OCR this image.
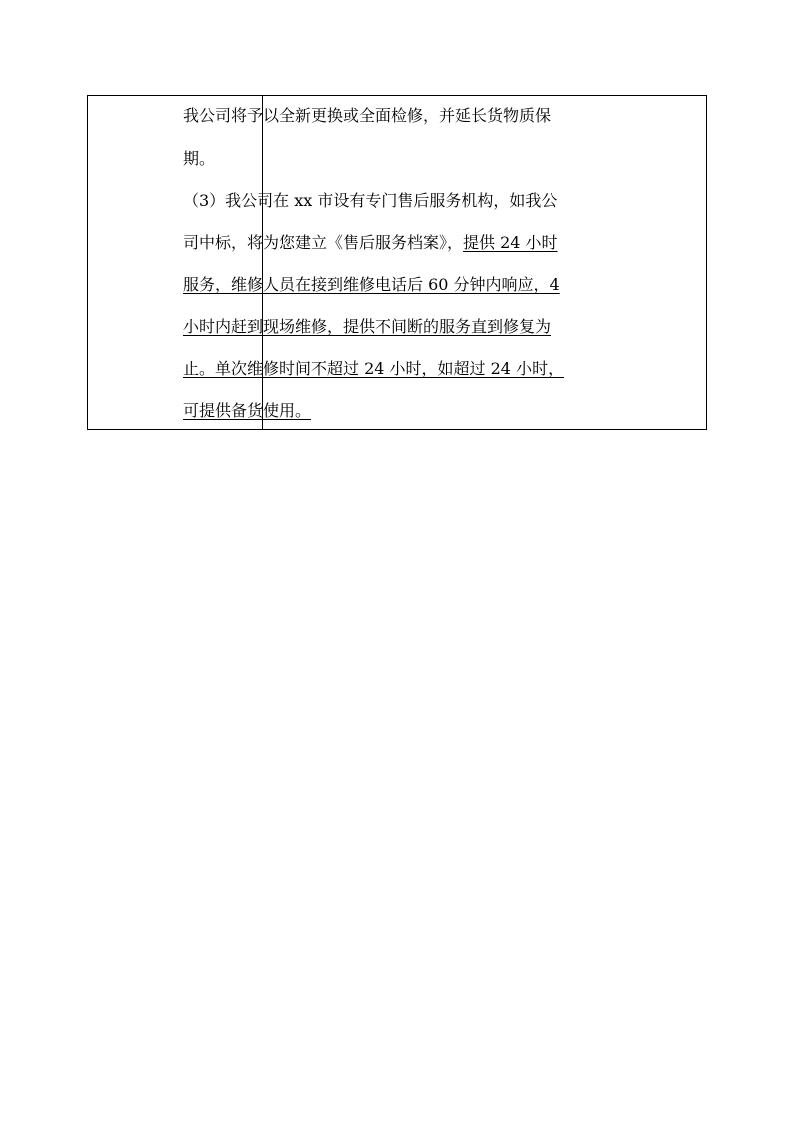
我公司将予以全新更换或全面检修，并延长货物质保
期。
（3）我公司在 xx 市设有专门售后服务机构，如我公
司中标，将为您建立《售后服务档案》，提供 24 小时
服务，维修人员在接到维修电话后 60 分钟内响应，4
小时内赶到现场维修，提供不间断的服务直到修复为
止。单次维修时间不超过 24 小时，如超过 24 小时，
可提供备货使用。
